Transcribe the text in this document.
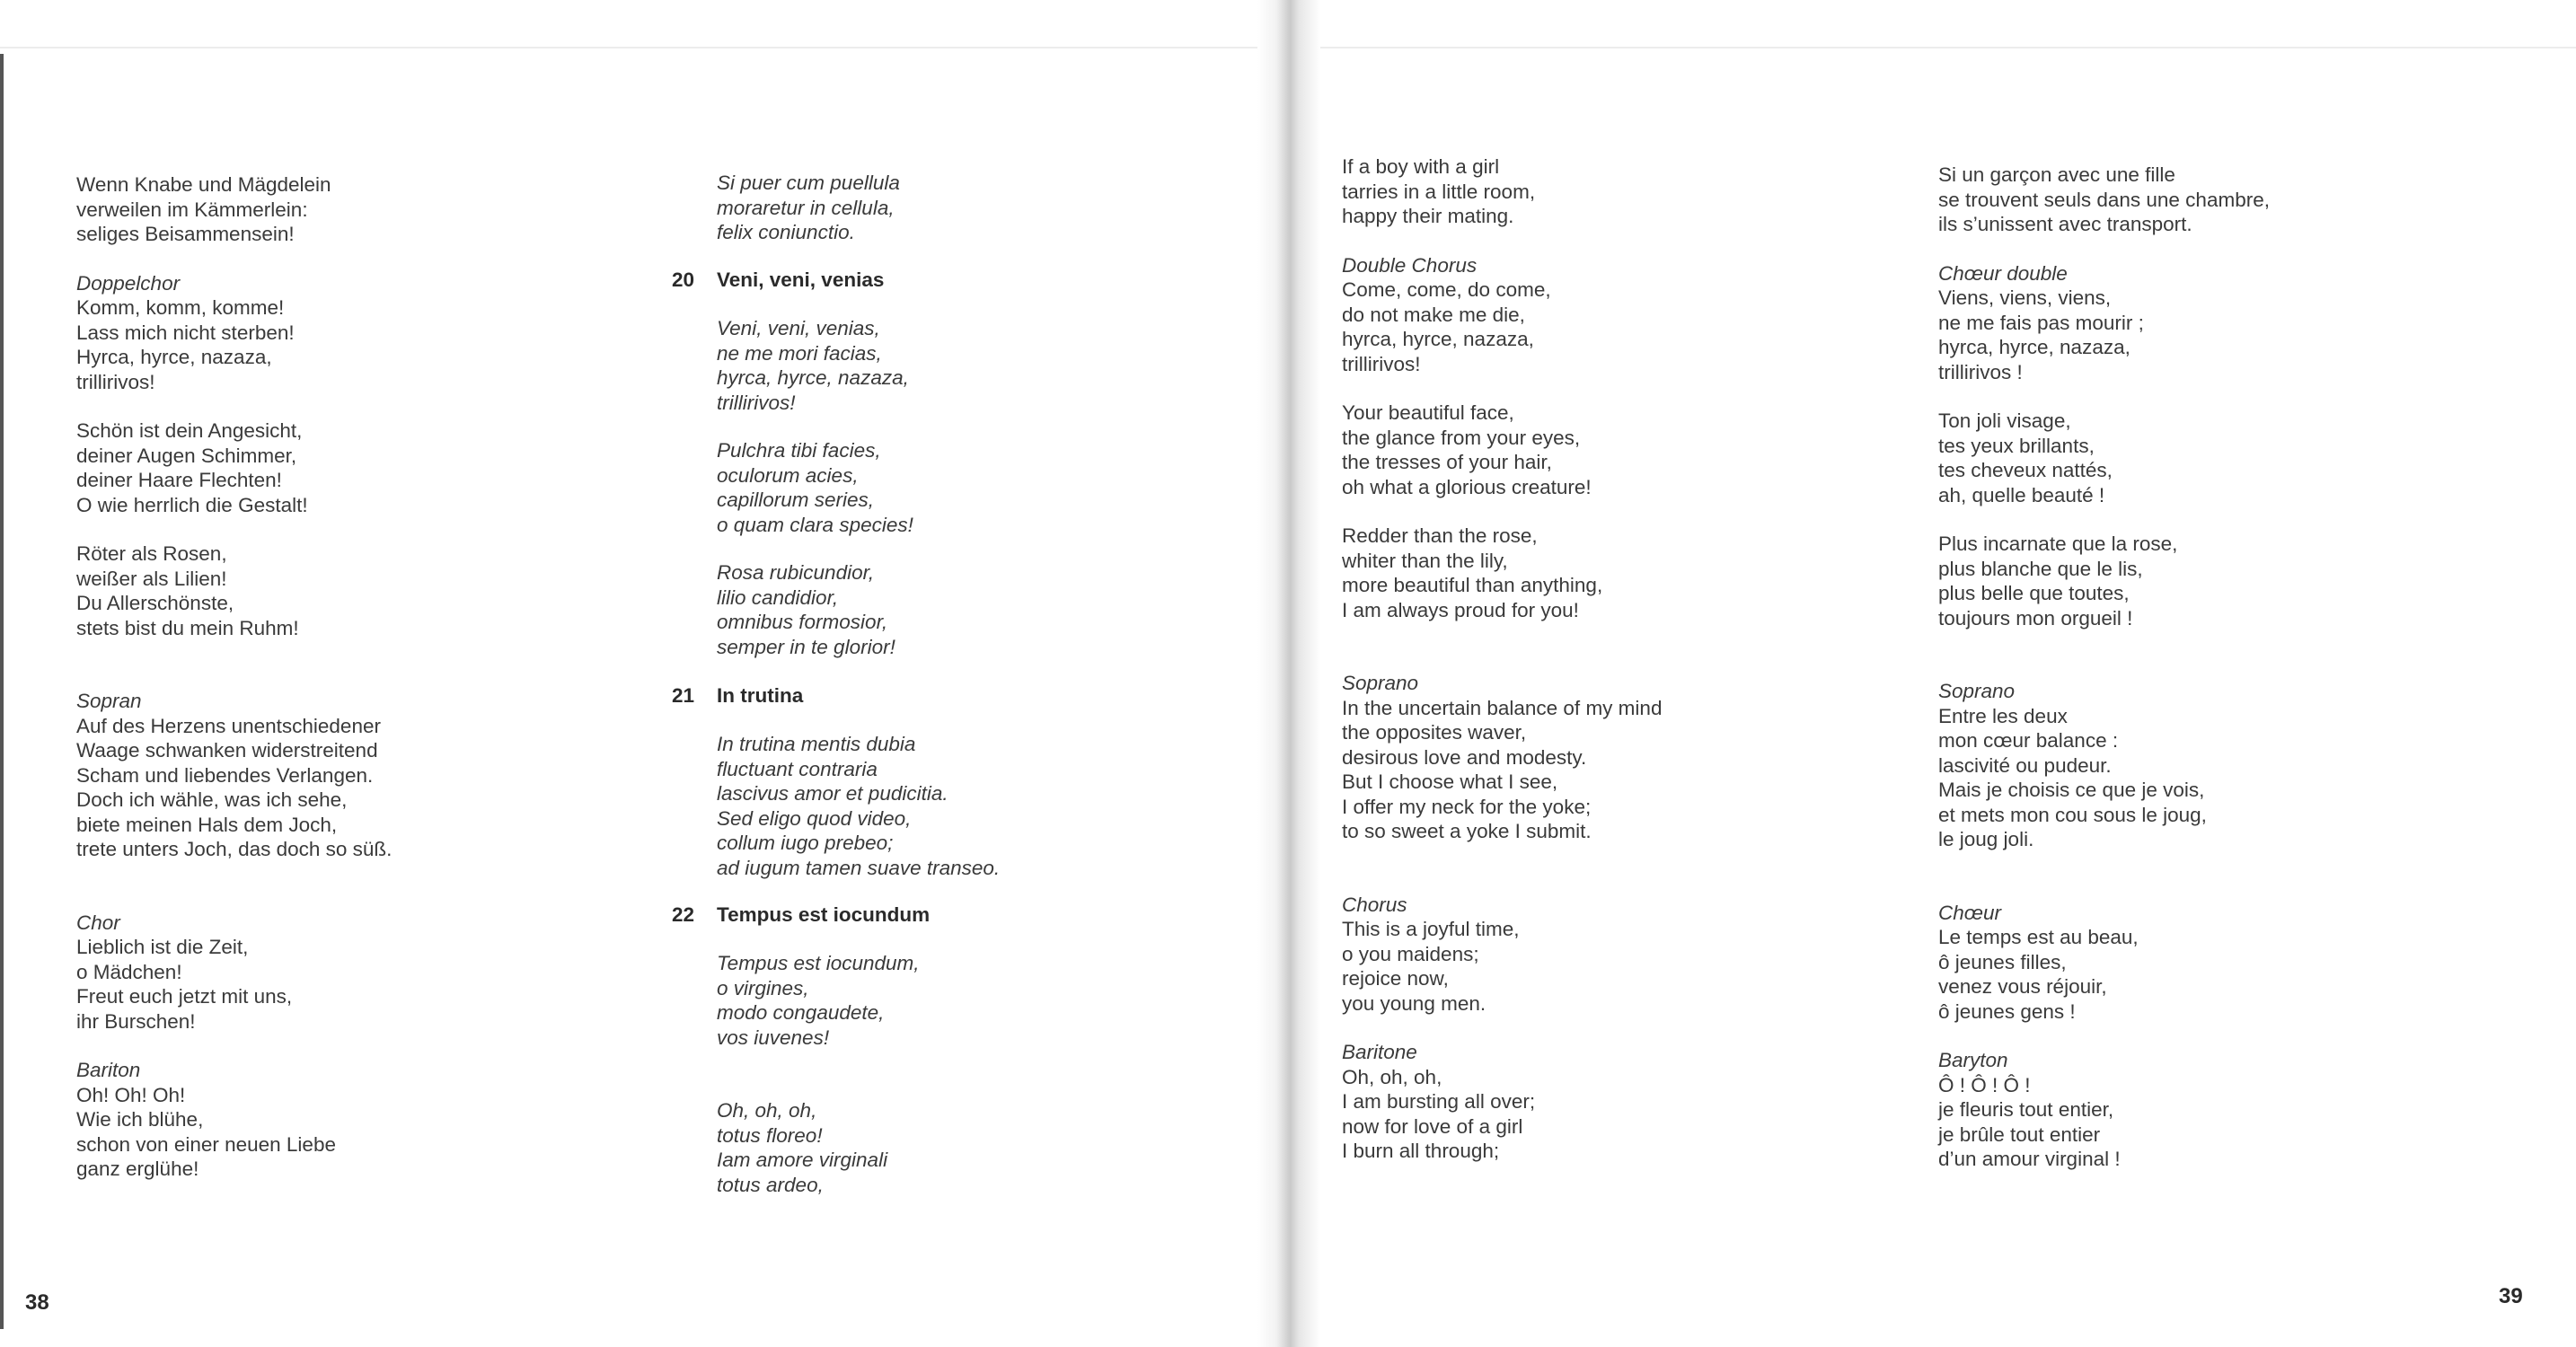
Wenn Knabe und Mägdelein

verweilen im Kämmerlein:

seliges Beisammensein!

Doppelchor

Komm, komm, komme!

Lass mich nicht sterben!

Hyrca, hyrce, nazaza,

trillirivos!

Schön ist dein Angesicht,

deiner Augen Schimmer,

deiner Haare Flechten!

O wie herrlich die Gestalt!

Röter als Rosen,

weißer als Lilien!

Du Allerschönste,

stets bist du mein Ruhm!

Sopran

Auf des Herzens unentschiedener

Waage schwanken widerstreitend

Scham und liebendes Verlangen.

Doch ich wähle, was ich sehe,

biete meinen Hals dem Joch,

trete unters Joch, das doch so süß.

Chor

Lieblich ist die Zeit,

o Mädchen!

Freut euch jetzt mit uns,

ihr Burschen!

Bariton

Oh! Oh! Oh!

Wie ich blühe,

schon von einer neuen Liebe

ganz erglühe!

Si puer cum puellula

moraretur in cellula,

felix coniunctio.

20 Veni, veni, venias

Veni, veni, venias,

ne me mori facias,

hyrca, hyrce, nazaza,

trillirivos!

Pulchra tibi facies,

oculorum acies,

capillorum series,

o quam clara species!

Rosa rubicundior,

lilio candidior,

omnibus formosior,

semper in te glorior!

21 In trutina

In trutina mentis dubia

fluctuant contraria

lascivus amor et pudicitia.

Sed eligo quod video,

collum iugo prebeo;

ad iugum tamen suave transeo.

22 Tempus est iocundum

Tempus est iocundum,

o virgines,

modo congaudete,

vos iuvenes!

Oh, oh, oh,

totus floreo!

Iam amore virginali

totus ardeo,

If a boy with a girl

tarries in a little room,

happy their mating.

Double Chorus

Come, come, do come,

do not make me die,

hyrca, hyrce, nazaza,

trillirivos!

Your beautiful face,

the glance from your eyes,

the tresses of your hair,

oh what a glorious creature!

Redder than the rose,

whiter than the lily,

more beautiful than anything,

I am always proud for you!

Soprano

In the uncertain balance of my mind

the opposites waver,

desirous love and modesty.

But I choose what I see,

I offer my neck for the yoke;

to so sweet a yoke I submit.

Chorus

This is a joyful time,

o you maidens;

rejoice now,

you young men.

Baritone

Oh, oh, oh,

I am bursting all over;

now for love of a girl

I burn all through;

Si un garçon avec une fille

se trouvent seuls dans une chambre,

ils s’unissent avec transport.

Chœur double

Viens, viens, viens,

ne me fais pas mourir ;

hyrca, hyrce, nazaza,

trillirivos !

Ton joli visage,

tes yeux brillants,

tes cheveux nattés,

ah, quelle beauté !

Plus incarnate que la rose,

plus blanche que le lis,

plus belle que toutes,

toujours mon orgueil !

Soprano

Entre les deux

mon cœur balance :

lascivité ou pudeur.

Mais je choisis ce que je vois,

et mets mon cou sous le joug,

le joug joli.

Chœur

Le temps est au beau,

ô jeunes filles,

venez vous réjouir,

ô jeunes gens !

Baryton

Ô ! Ô ! Ô !

je fleuris tout entier,

je brûle tout entier

d’un amour virginal !

38	39
